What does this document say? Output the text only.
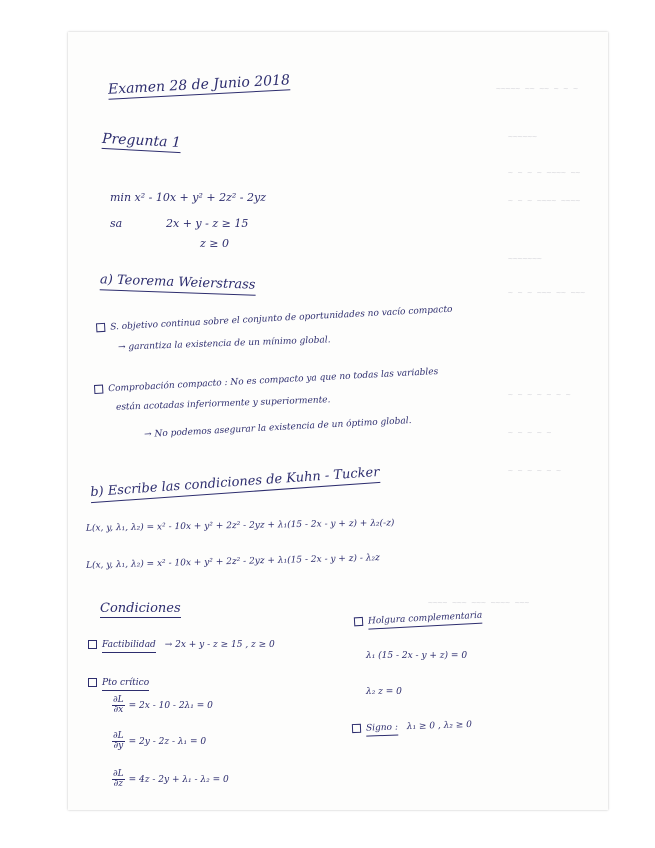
~~~~~ ~~ ~~ ~ ~ ~
~~~~~~
~ ~ ~ ~ ~~~~ ~~
~ ~ ~ ~~~~ ~~~~
~~~~~~~
~ ~ ~ ~~~ ~~ ~~~
~ ~ ~ ~ ~ ~ ~
~ ~ ~ ~ ~
~ ~ ~ ~ ~ ~
~~~~ ~~~ ~~~ ~~~~ ~~~
Examen 28 de Junio 2018
Pregunta 1
min x² - 10x + y² + 2z² - 2yz
sa	2x + y - z ≥ 15
z ≥ 0
a) Teorema Weierstrass
S. objetivo continua sobre el conjunto de oportunidades no vacío compacto
→ garantiza la existencia de un mínimo global.
Comprobación compacto : No es compacto ya que no todas las variables
están acotadas inferiormente y superiormente.
→ No podemos asegurar la existencia de un óptimo global.
b) Escribe las condiciones de Kuhn - Tucker
L(x, y, λ₁, λ₂) = x² - 10x + y² + 2z² - 2yz + λ₁(15 - 2x - y + z) + λ₂(-z)
L(x, y, λ₁, λ₂) = x² - 10x + y² + 2z² - 2yz + λ₁(15 - 2x - y + z) - λ₂z
Condiciones
Factibilidad → 2x + y - z ≥ 15 , z ≥ 0
Holgura complementaria
λ₁ (15 - 2x - y + z) = 0
λ₂ z = 0
Pto crítico
$\frac{\partial L}{\partial x} = 2x - 10 - 2\lambda_1 = 0$
$\frac{\partial L}{\partial y} = 2y - 2z - \lambda_1 = 0$
$\frac{\partial L}{\partial z} = 4z - 2y + \lambda_1 - \lambda_2 = 0$
Signo : λ₁ ≥ 0 , λ₂ ≥ 0
